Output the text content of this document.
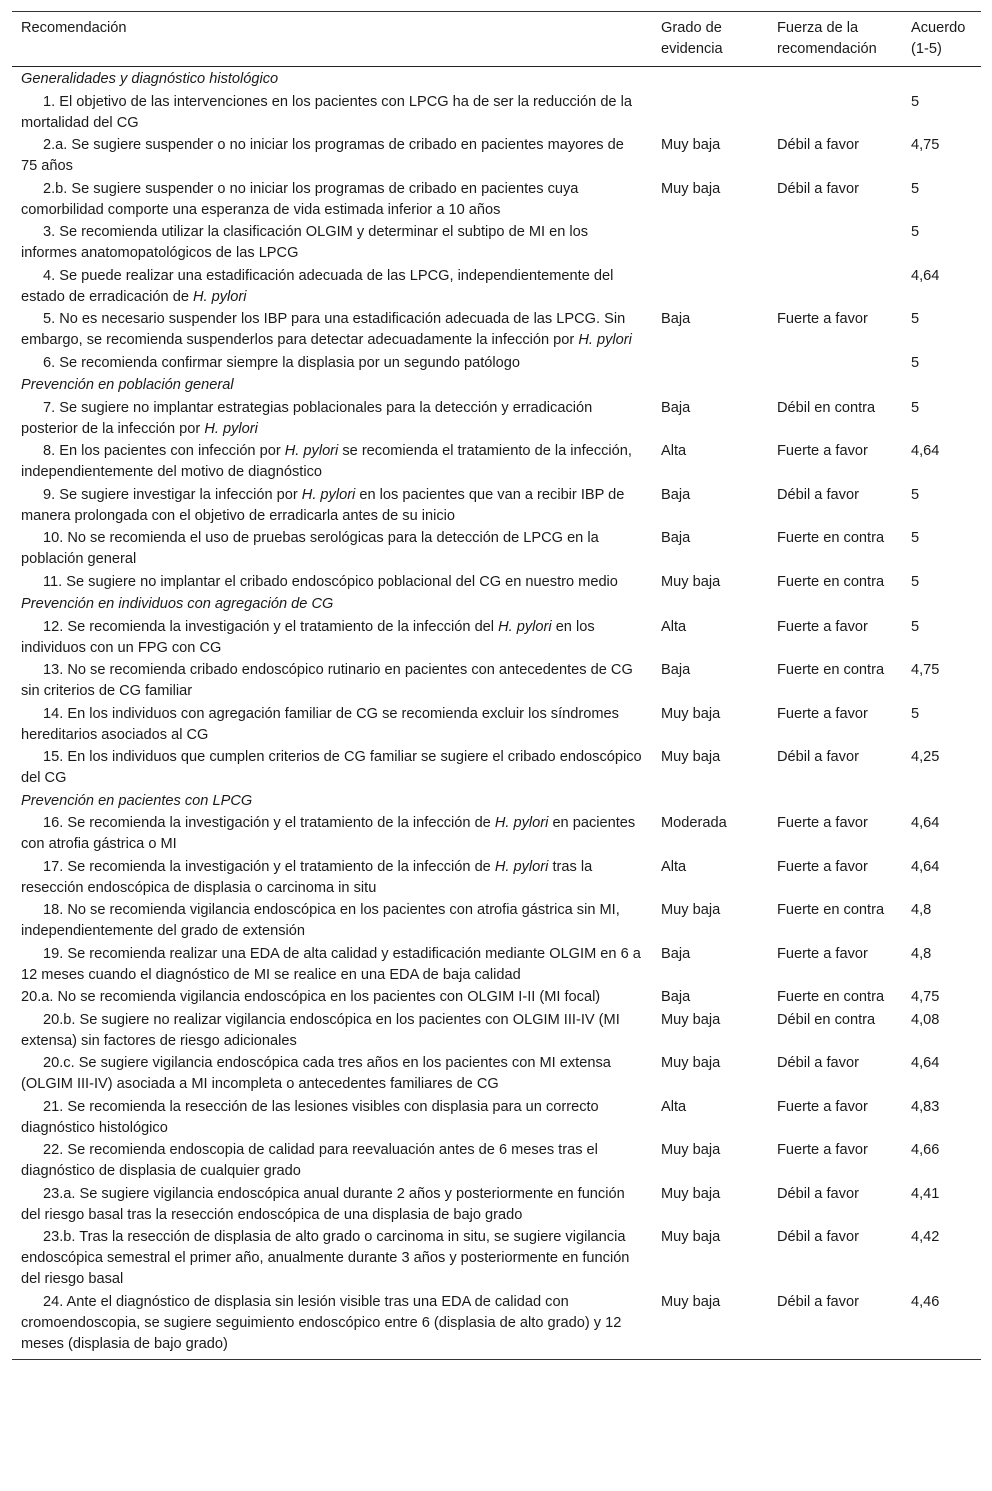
Recomendación	Grado de evidencia	Fuerza de la recomendación	Acuerdo (1-5)
Generalidades y diagnóstico histológico			
1. El objetivo de las intervenciones en los pacientes con LPCG ha de ser la reducción de la mortalidad del CG			5
2.a. Se sugiere suspender o no iniciar los programas de cribado en pacientes mayores de 75 años	Muy baja	Débil a favor	4,75
2.b. Se sugiere suspender o no iniciar los programas de cribado en pacientes cuya comorbilidad comporte una esperanza de vida estimada inferior a 10 años	Muy baja	Débil a favor	5
3. Se recomienda utilizar la clasificación OLGIM y determinar el subtipo de MI en los informes anatomopatológicos de las LPCG			5
4. Se puede realizar una estadificación adecuada de las LPCG, independientemente del estado de erradicación de H. pylori			4,64
5. No es necesario suspender los IBP para una estadificación adecuada de las LPCG. Sin embargo, se recomienda suspenderlos para detectar adecuadamente la infección por H. pylori	Baja	Fuerte a favor	5
6. Se recomienda confirmar siempre la displasia por un segundo patólogo			5
Prevención en población general			
7. Se sugiere no implantar estrategias poblacionales para la detección y erradicación posterior de la infección por H. pylori	Baja	Débil en contra	5
8. En los pacientes con infección por H. pylori se recomienda el tratamiento de la infección, independientemente del motivo de diagnóstico	Alta	Fuerte a favor	4,64
9. Se sugiere investigar la infección por H. pylori en los pacientes que van a recibir IBP de manera prolongada con el objetivo de erradicarla antes de su inicio	Baja	Débil a favor	5
10. No se recomienda el uso de pruebas serológicas para la detección de LPCG en la población general	Baja	Fuerte en contra	5
11. Se sugiere no implantar el cribado endoscópico poblacional del CG en nuestro medio	Muy baja	Fuerte en contra	5
Prevención en individuos con agregación de CG			
12. Se recomienda la investigación y el tratamiento de la infección del H. pylori en los individuos con un FPG con CG	Alta	Fuerte a favor	5
13. No se recomienda cribado endoscópico rutinario en pacientes con antecedentes de CG sin criterios de CG familiar	Baja	Fuerte en contra	4,75
14. En los individuos con agregación familiar de CG se recomienda excluir los síndromes hereditarios asociados al CG	Muy baja	Fuerte a favor	5
15. En los individuos que cumplen criterios de CG familiar se sugiere el cribado endoscópico del CG	Muy baja	Débil a favor	4,25
Prevención en pacientes con LPCG			
16. Se recomienda la investigación y el tratamiento de la infección de H. pylori en pacientes con atrofia gástrica o MI	Moderada	Fuerte a favor	4,64
17. Se recomienda la investigación y el tratamiento de la infección de H. pylori tras la resección endoscópica de displasia o carcinoma in situ	Alta	Fuerte a favor	4,64
18. No se recomienda vigilancia endoscópica en los pacientes con atrofia gástrica sin MI, independientemente del grado de extensión	Muy baja	Fuerte en contra	4,8
19. Se recomienda realizar una EDA de alta calidad y estadificación mediante OLGIM en 6 a 12 meses cuando el diagnóstico de MI se realice en una EDA de baja calidad	Baja	Fuerte a favor	4,8
20.a. No se recomienda vigilancia endoscópica en los pacientes con OLGIM I-II (MI focal)	Baja	Fuerte en contra	4,75
20.b. Se sugiere no realizar vigilancia endoscópica en los pacientes con OLGIM III-IV (MI extensa) sin factores de riesgo adicionales	Muy baja	Débil en contra	4,08
20.c. Se sugiere vigilancia endoscópica cada tres años en los pacientes con MI extensa (OLGIM III-IV) asociada a MI incompleta o antecedentes familiares de CG	Muy baja	Débil a favor	4,64
21. Se recomienda la resección de las lesiones visibles con displasia para un correcto diagnóstico histológico	Alta	Fuerte a favor	4,83
22. Se recomienda endoscopia de calidad para reevaluación antes de 6 meses tras el diagnóstico de displasia de cualquier grado	Muy baja	Fuerte a favor	4,66
23.a. Se sugiere vigilancia endoscópica anual durante 2 años y posteriormente en función del riesgo basal tras la resección endoscópica de una displasia de bajo grado	Muy baja	Débil a favor	4,41
23.b. Tras la resección de displasia de alto grado o carcinoma in situ, se sugiere vigilancia endoscópica semestral el primer año, anualmente durante 3 años y posteriormente en función del riesgo basal	Muy baja	Débil a favor	4,42
24. Ante el diagnóstico de displasia sin lesión visible tras una EDA de calidad con cromoendoscopia, se sugiere seguimiento endoscópico entre 6 (displasia de alto grado) y 12 meses (displasia de bajo grado)	Muy baja	Débil a favor	4,46
